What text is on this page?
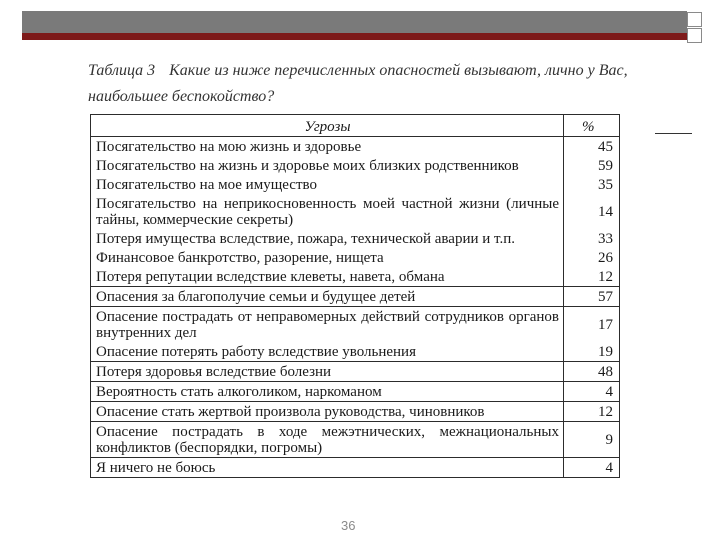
Таблица 3 Какие из ниже перечисленных опасностей вызывают, лично у Вас, наибольшее беспокойство?
Угрозы	%
Посягательство на мою жизнь и здоровье	45
Посягательство на жизнь и здоровье моих близких родственников	59
Посягательство на мое имущество	35
Посягательство на неприкосновенность моей частной жизни (личные тайны, коммерческие секреты)	14
Потеря имущества вследствие, пожара, технической аварии и т.п.	33
Финансовое банкротство, разорение, нищета	26
Потеря репутации вследствие клеветы, навета, обмана	12
Опасения за благополучие семьи и будущее детей	57
Опасение пострадать от неправомерных действий сотрудников органов внутренних дел	17
Опасение потерять работу вследствие увольнения	19
Потеря здоровья вследствие болезни	48
Вероятность стать алкоголиком, наркоманом	4
Опасение стать жертвой произвола руководства, чиновников	12
Опасение пострадать в ходе межэтнических, межнациональных конфликтов (беспорядки, погромы)	9
Я ничего не боюсь	4
36
